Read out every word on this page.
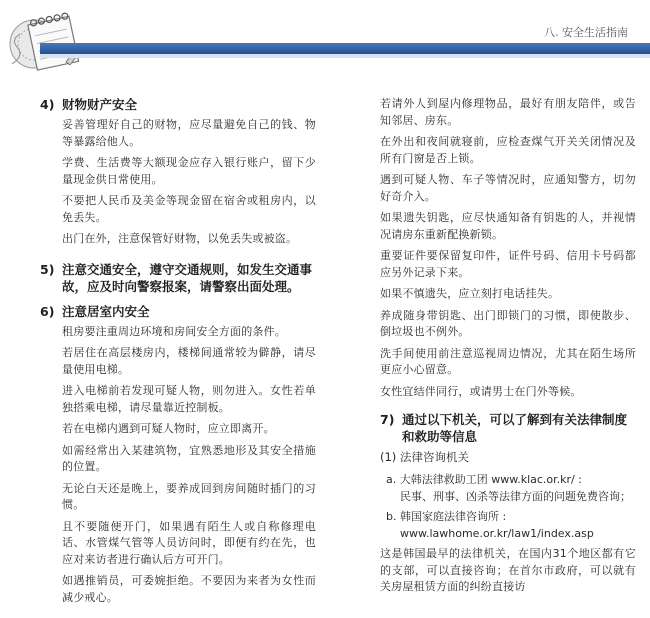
八. 安全生活指南
4) 财物财产安全

妥善管理好自己的财物，应尽量避免自己的钱、物等暴露给他人。

学费、生活费等大额现金应存入银行账户，留下少量现金供日常使用。

不要把人民币及美金等现金留在宿舍或租房内，以免丢失。

出门在外，注意保管好财物，以免丢失或被盗。

5) 注意交通安全，遵守交通规则，如发生交通事故，应及时向警察报案，请警察出面处理。
6) 注意居室内安全

租房要注重周边环境和房间安全方面的条件。

若居住在高层楼房内，楼梯间通常较为僻静，请尽量使用电梯。

进入电梯前若发现可疑人物，则勿进入。女性若单独搭乘电梯，请尽量靠近控制板。

若在电梯内遇到可疑人物时，应立即离开。

如需经常出入某建筑物，宜熟悉地形及其安全措施的位置。

无论白天还是晚上，要养成回到房间随时插门的习惯。

且不要随便开门，如果遇有陌生人或自称修理电话、水管煤气管等人员访问时，即便有约在先，也应对来访者进行确认后方可开门。

如遇推销员，可委婉拒绝。不要因为来者为女性而减少戒心。

若请外人到屋内修理物品，最好有朋友陪伴，或告知邻居、房东。

在外出和夜间就寝前，应检查煤气开关关闭情况及所有门窗是否上锁。

遇到可疑人物、车子等情况时，应通知警方，切勿好奇介入。

如果遗失钥匙，应尽快通知备有钥匙的人，并视情况请房东重新配换新锁。

重要证件要保留复印件，证件号码、信用卡号码都应另外记录下来。

如果不慎遗失，应立刻打电话挂失。

养成随身带钥匙、出门即锁门的习惯，即使散步、倒垃圾也不例外。

洗手间使用前注意巡视周边情况，尤其在陌生场所更应小心留意。

女性宜结伴同行，或请男士在门外等候。

7) 通过以下机关，可以了解到有关法律制度和救助等信息
(1) 法律咨询机关
a. 大韩法律救助工团 www.klac.or.kr/ :
民事、刑事、凶杀等法律方面的问题免费咨询；
b. 韩国家庭法律咨询所 :
www.lawhome.or.kr/law1/index.asp

这是韩国最早的法律机关，在国内31个地区都有它的支部，可以直接咨询；在首尔市政府，可以就有关房屋租赁方面的纠纷直接访
